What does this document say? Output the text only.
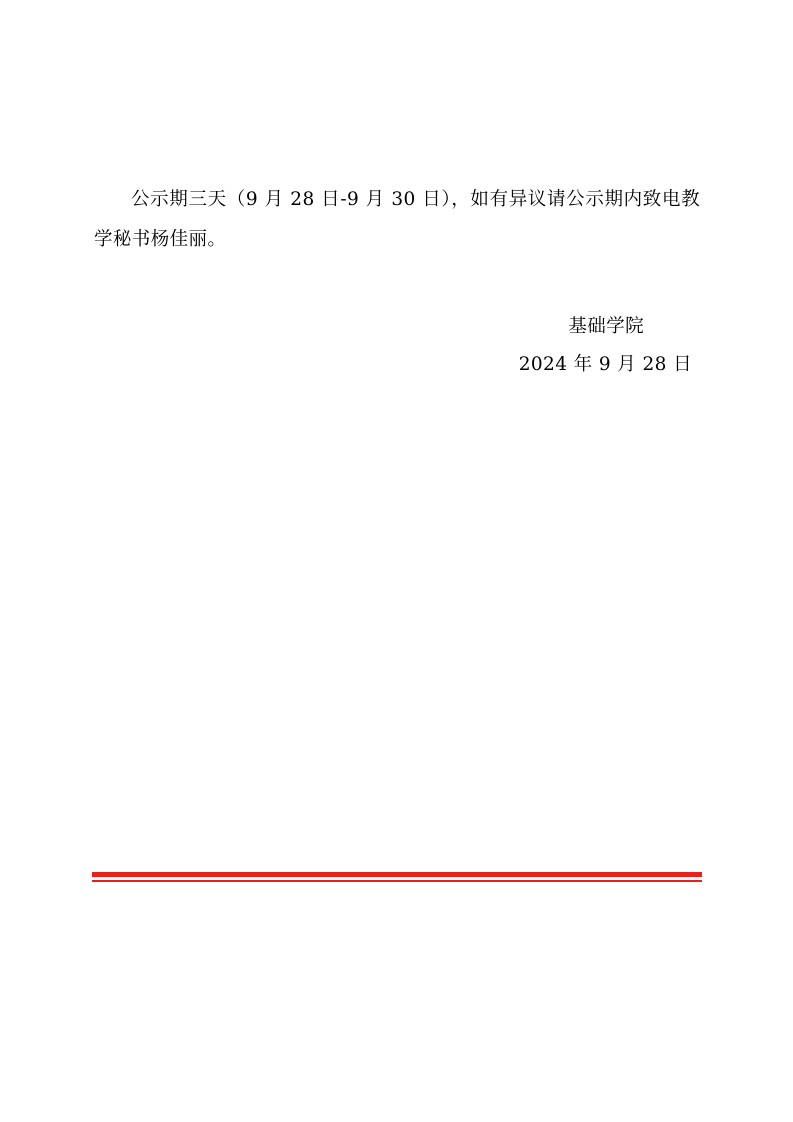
公示期三天（9 月 28 日-9 月 30 日），如有异议请公示期内致电教学秘书杨佳丽。

基础学院
2024 年 9 月 28 日
